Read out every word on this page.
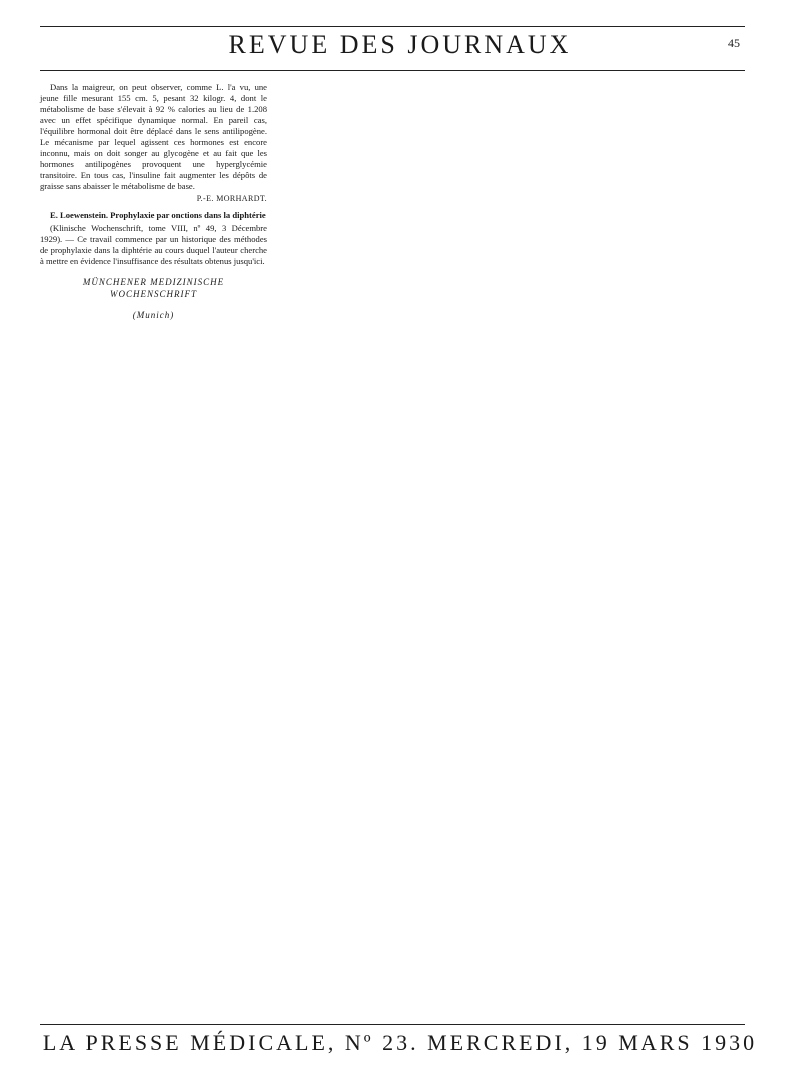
REVUE DES JOURNAUX	45

Dans la maigreur, on peut observer, comme L. l'a vu, une jeune fille mesurant 155 cm. 5, pesant 32 kilogr. 4, dont le métabolisme de base s'élevait à 92 % calories au lieu de 1.208 avec un effet spécifique dynamique normal. En pareil cas, l'équilibre hormonal doit être déplacé dans le sens antilipogène. Le mécanisme par lequel agissent ces hormones est encore inconnu, mais on doit songer au glycogène et au fait que les hormones antilipogènes provoquent une hyperglycémie transitoire. En tous cas, l'insuline fait augmenter les dépôts de graisse sans abaisser le métabolisme de base.

P.-E. MORHARDT.

E. Loewenstein. Prophylaxie par onctions dans la diphtérie

(Klinische Wochenschrift, tome VIII, nº 49, 3 Décembre 1929). — Ce travail commence par un historique des méthodes de prophylaxie dans la diphtérie au cours duquel l'auteur cherche à mettre en évidence l'insuffisance des résultats obtenus jusqu'ici.

MÜNCHENER MEDIZINISCHE WOCHENSCHRIFT
(Munich)
LA PRESSE MÉDICALE, Nº 23. MERCREDI, 19 MARS 1930
